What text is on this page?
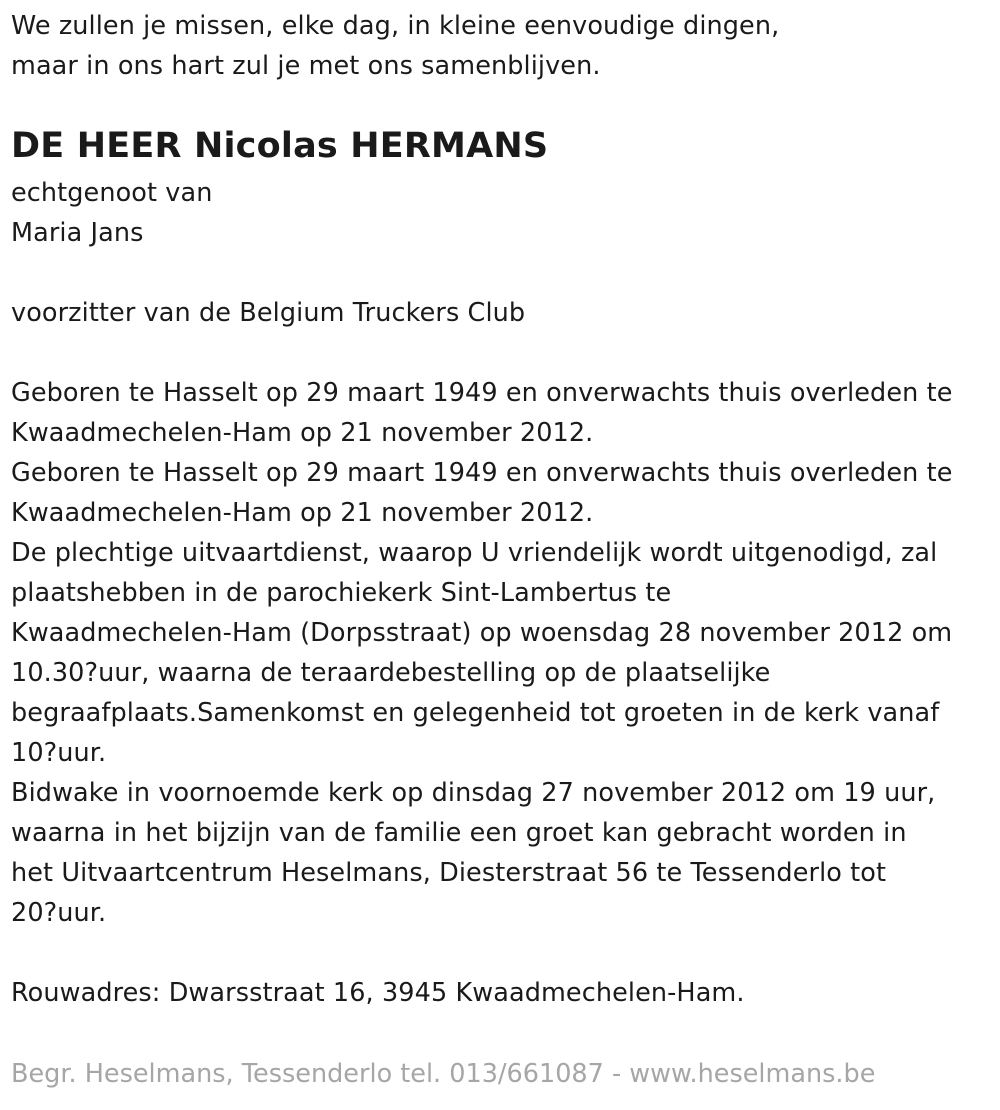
We zullen je missen, elke dag, in kleine eenvoudige dingen,
maar in ons hart zul je met ons samenblijven.
DE HEER Nicolas HERMANS
echtgenoot van
Maria Jans
voorzitter van de Belgium Truckers Club
Geboren te Hasselt op 29 maart 1949 en onverwachts thuis overleden te
Kwaadmechelen-Ham op 21 november 2012.
Geboren te Hasselt op 29 maart 1949 en onverwachts thuis overleden te
Kwaadmechelen-Ham op 21 november 2012.
De plechtige uitvaartdienst, waarop U vriendelijk wordt uitgenodigd, zal
plaatshebben in de parochiekerk Sint-Lambertus te
Kwaadmechelen-Ham (Dorpsstraat) op woensdag 28 november 2012 om
10.30?uur, waarna de teraardebestelling op de plaatselijke
begraafplaats.Samenkomst en gelegenheid tot groeten in de kerk vanaf
10?uur.
Bidwake in voornoemde kerk op dinsdag 27 november 2012 om 19 uur,
waarna in het bijzijn van de familie een groet kan gebracht worden in
het Uitvaartcentrum Heselmans, Diesterstraat 56 te Tessenderlo tot
20?uur.
Rouwadres: Dwarsstraat 16, 3945 Kwaadmechelen-Ham.
Begr. Heselmans, Tessenderlo tel. 013/661087 - www.heselmans.be
